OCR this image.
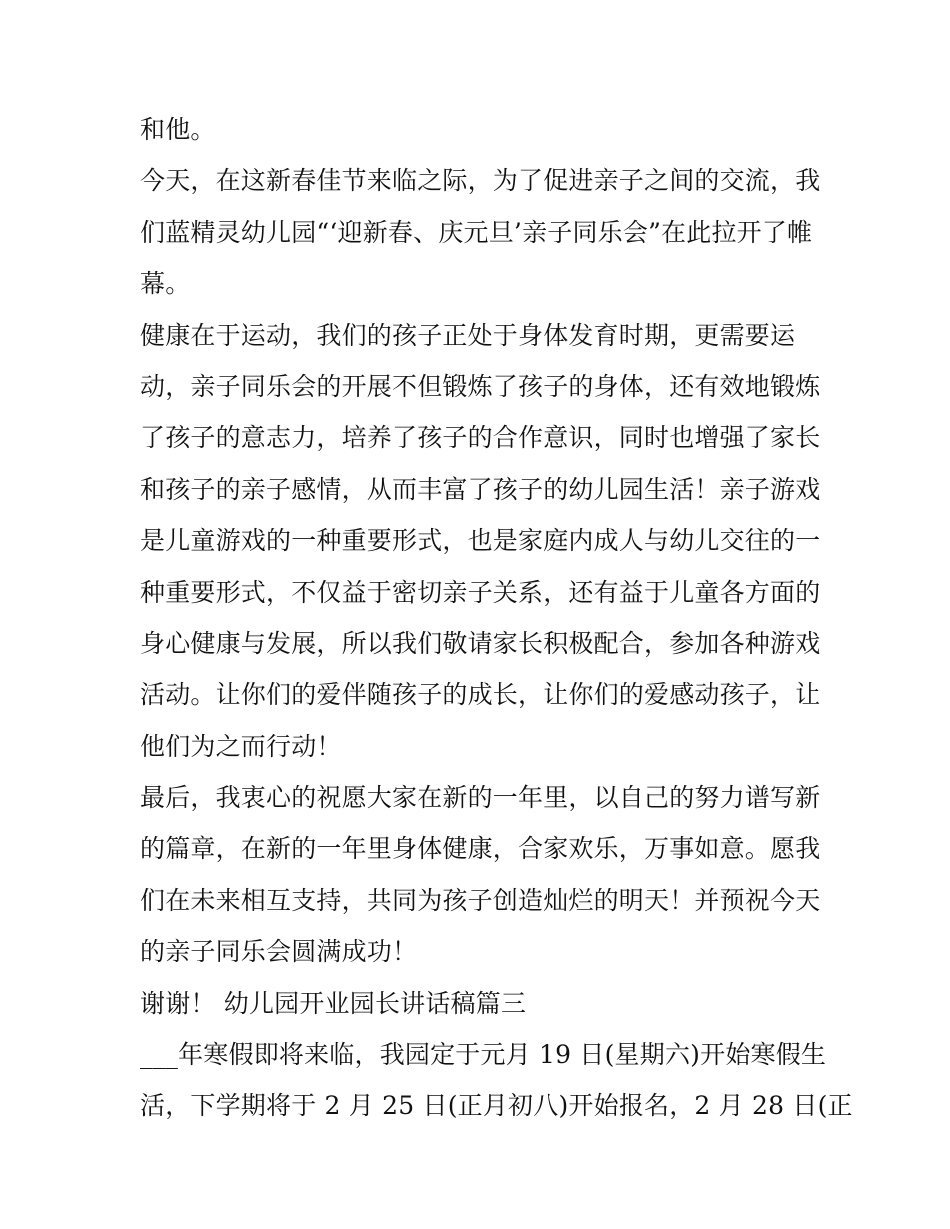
和他。
今天，在这新春佳节来临之际，为了促进亲子之间的交流，我
们蓝精灵幼儿园“‘迎新春、庆元旦’亲子同乐会”在此拉开了帷
幕。
健康在于运动，我们的孩子正处于身体发育时期，更需要运
动，亲子同乐会的开展不但锻炼了孩子的身体，还有效地锻炼
了孩子的意志力，培养了孩子的合作意识，同时也增强了家长
和孩子的亲子感情，从而丰富了孩子的幼儿园生活！亲子游戏
是儿童游戏的一种重要形式，也是家庭内成人与幼儿交往的一
种重要形式，不仅益于密切亲子关系，还有益于儿童各方面的
身心健康与发展，所以我们敬请家长积极配合，参加各种游戏
活动。让你们的爱伴随孩子的成长，让你们的爱感动孩子，让
他们为之而行动！
最后，我衷心的祝愿大家在新的一年里，以自己的努力谱写新
的篇章，在新的一年里身体健康，合家欢乐，万事如意。愿我
们在未来相互支持，共同为孩子创造灿烂的明天！并预祝今天
的亲子同乐会圆满成功！
谢谢！ 幼儿园开业园长讲话稿篇三
___年寒假即将来临，我园定于元月 19 日(星期六)开始寒假生
活，下学期将于 2 月 25 日(正月初八)开始报名，2 月 28 日(正
